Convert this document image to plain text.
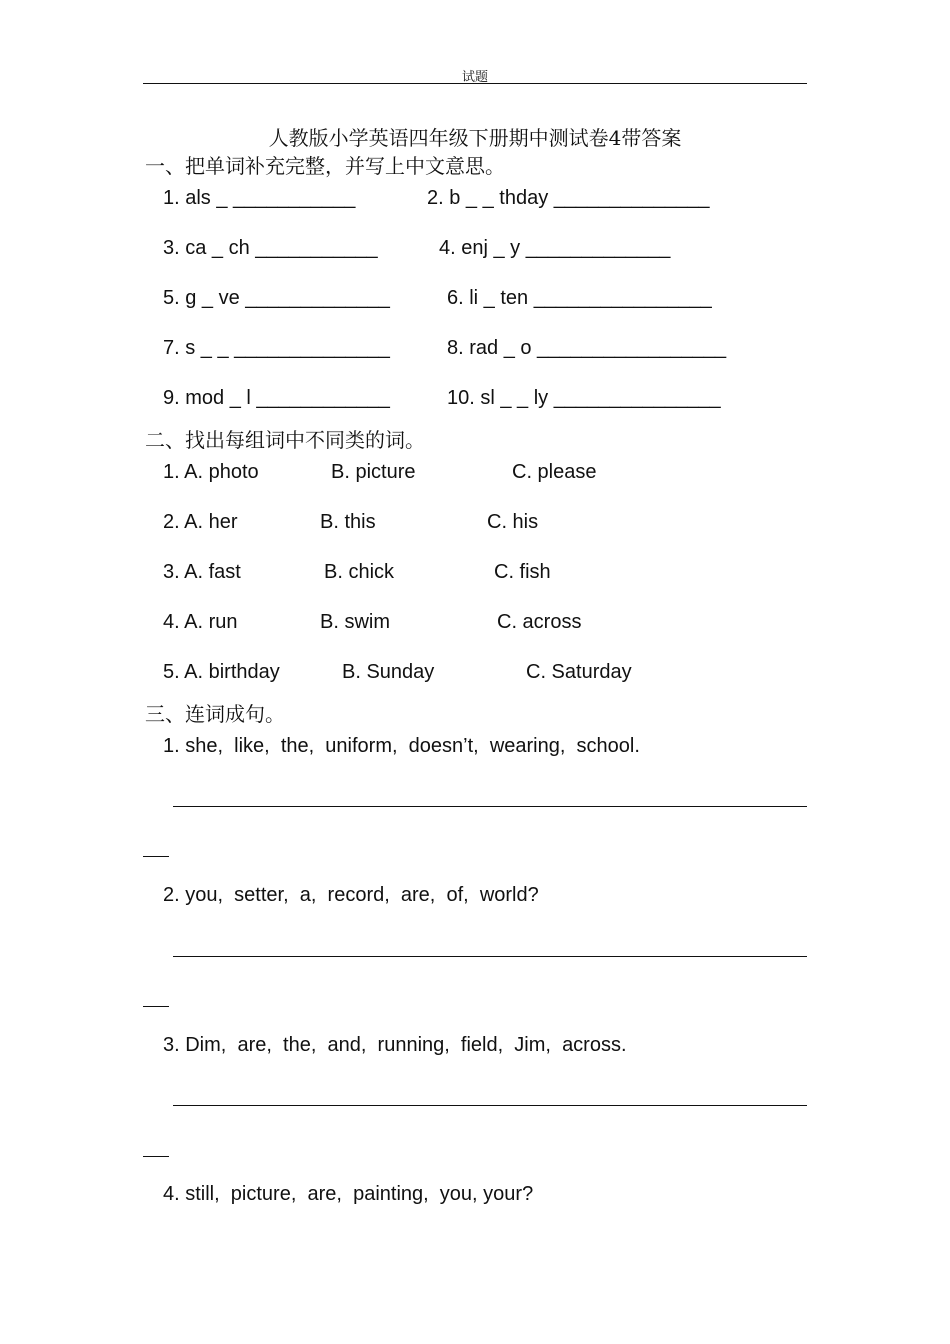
试题
人教版小学英语四年级下册期中测试卷4带答案
一、把单词补充完整，并写上中文意思。
1. als _ ___________	2. b _ _ thday ______________
3. ca _ ch ___________	4. enj _ y _____________
5. g _ ve _____________	6. li _ ten ________________
7. s _ _ ______________	8. rad _ o _________________
9. mod _ l ____________	10. sl _ _ ly _______________
二、找出每组词中不同类的词。
1. A. photo	B. picture	C. please
2. A. her	B. this	C. his
3. A. fast	B. chick	C. fish
4. A. run	B. swim	C. across
5. A. birthday	B. Sunday	C. Saturday
三、连词成句。
1. she,  like,  the,  uniform,  doesn’t,  wearing,  school.
2. you,  setter,  a,  record,  are,  of,  world?
3. Dim,  are,  the,  and,  running,  field,  Jim,  across.
4. still,  picture,  are,  painting,  you, your?
